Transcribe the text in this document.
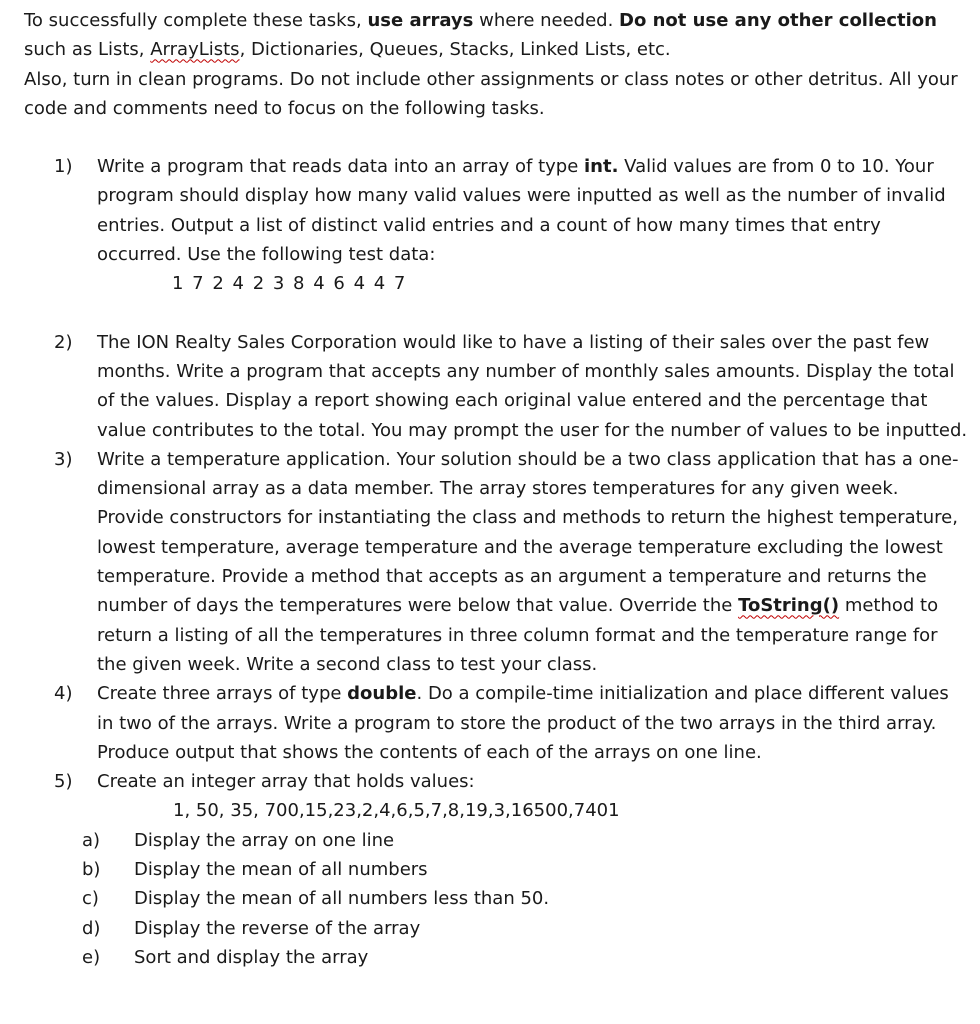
To successfully complete these tasks, use arrays where needed. Do not use any other collection such as Lists, ArrayLists, Dictionaries, Queues, Stacks, Linked Lists, etc.

Also, turn in clean programs. Do not include other assignments or class notes or other detritus. All your code and comments need to focus on the following tasks.

1) Write a program that reads data into an array of type int. Valid values are from 0 to 10. Your program should display how many valid values were inputted as well as the number of invalid entries. Output a list of distinct valid entries and a count of how many times that entry occurred. Use the following test data:
1 7 2 4 2 3 8 4 6 4 4 7
2) The ION Realty Sales Corporation would like to have a listing of their sales over the past few months. Write a program that accepts any number of monthly sales amounts. Display the total of the values. Display a report showing each original value entered and the percentage that value contributes to the total. You may prompt the user for the number of values to be inputted.
3) Write a temperature application. Your solution should be a two class application that has a one-dimensional array as a data member. The array stores temperatures for any given week. Provide constructors for instantiating the class and methods to return the highest temperature, lowest temperature, average temperature and the average temperature excluding the lowest temperature. Provide a method that accepts as an argument a temperature and returns the number of days the temperatures were below that value. Override the ToString() method to return a listing of all the temperatures in three column format and the temperature range for the given week. Write a second class to test your class.
4) Create three arrays of type double. Do a compile-time initialization and place different values in two of the arrays. Write a program to store the product of the two arrays in the third array. Produce output that shows the contents of each of the arrays on one line.
5) Create an integer array that holds values:
1, 50, 35, 700,15,23,2,4,6,5,7,8,19,3,16500,7401
a) Display the array on one line
b) Display the mean of all numbers
c) Display the mean of all numbers less than 50.
d) Display the reverse of the array
e) Sort and display the array
